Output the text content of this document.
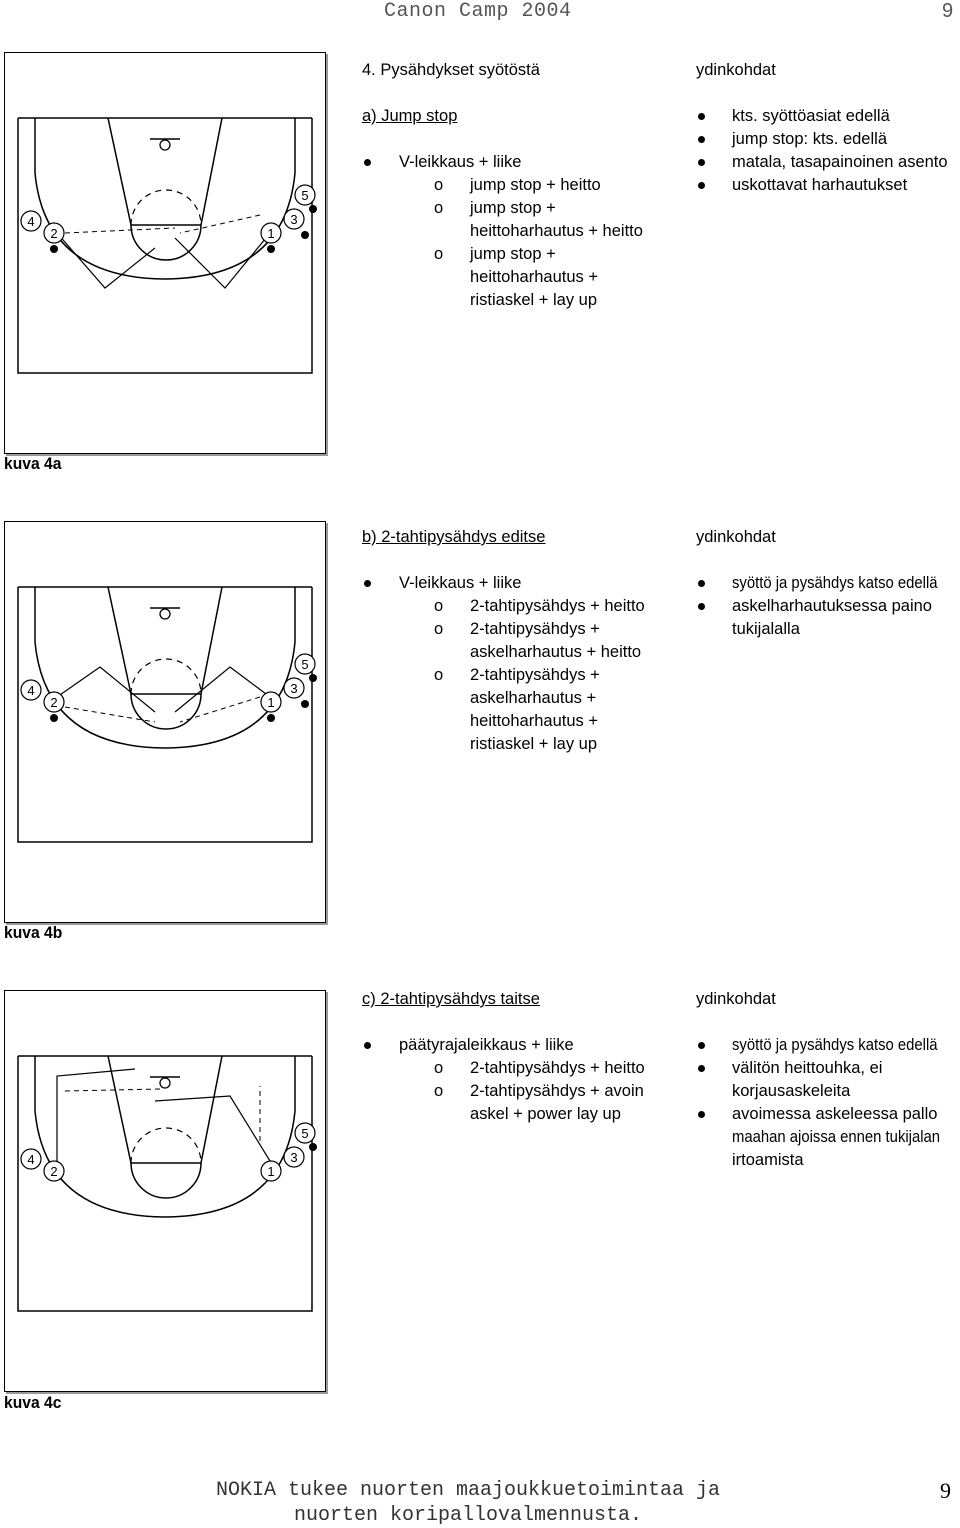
Canon Camp 2004	9
4
2	1
3
5
kuva 4a
4. Pysähdykset syötöstä
a) Jump stop
V-leikkaus + liike
o jump stop + heitto
o jump stop +
heittoharhautus + heitto
o jump stop +
heittoharhautus +
ristiaskel + lay up
ydinkohdat
kts. syöttöasiat edellä
jump stop: kts. edellä
matala, tasapainoinen asento
uskottavat harhautukset
4
2	1
3
5
kuva 4b
b) 2-tahtipysähdys editse
V-leikkaus + liike
o 2-tahtipysähdys + heitto
o 2-tahtipysähdys +
askelharhautus + heitto
o 2-tahtipysähdys +
askelharhautus +
heittoharhautus +
ristiaskel + lay up
ydinkohdat
syöttö ja pysähdys katso edellä
askelharhautuksessa paino
tukijalalla
4
2	1
3
5
kuva 4c
c) 2-tahtipysähdys taitse
päätyrajaleikkaus + liike
o 2-tahtipysähdys + heitto
o 2-tahtipysähdys + avoin
askel + power lay up
ydinkohdat
syöttö ja pysähdys katso edellä
välitön heittouhka, ei
korjausaskeleita
avoimessa askeleessa pallo
maahan ajoissa ennen tukijalan
irtoamista
NOKIA tukee nuorten maajoukkuetoimintaa ja
nuorten koripallovalmennusta.
9
